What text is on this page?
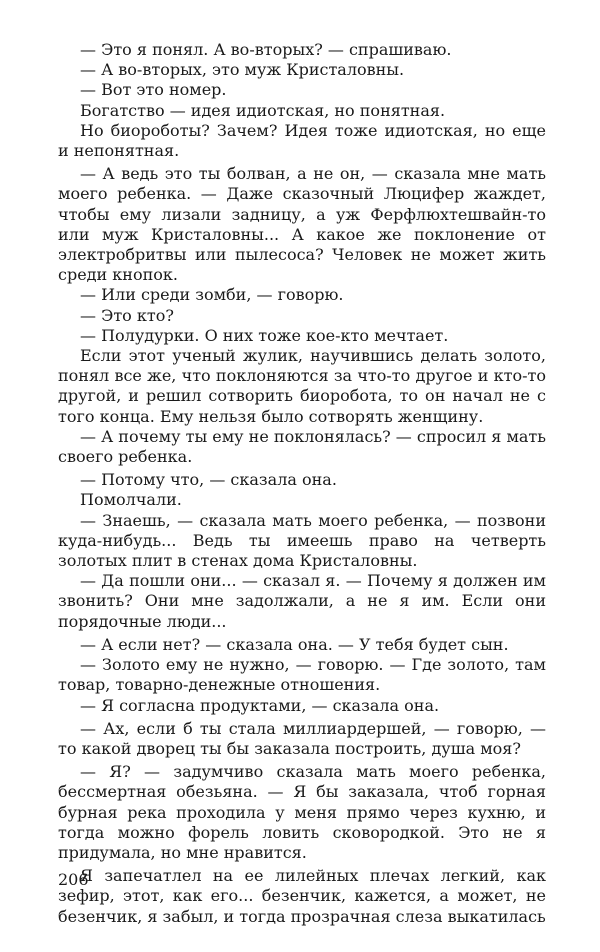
— Это я понял. А во-вторых? — спрашиваю.

— А во-вторых, это муж Кристаловны.

— Вот это номер.

Богатство — идея идиотская, но понятная.

Но биороботы? Зачем? Идея тоже идиотская, но еще и непонятная.

— А ведь это ты болван, а не он, — сказала мне мать моего ребенка. — Даже сказочный Люцифер жаждет, чтобы ему лизали задницу, а уж Ферфлюхтешвайн-то или муж Кристаловны... А какое же поклонение от электробритвы или пылесоса? Человек не может жить среди кнопок.

— Или среди зомби, — говорю.

— Это кто?

— Полудурки. О них тоже кое-кто мечтает.

Если этот ученый жулик, научившись делать золото, понял все же, что поклоняются за что-то другое и кто-то другой, и решил сотворить биоробота, то он начал не с того конца. Ему нельзя было сотворять женщину.

— А почему ты ему не поклонялась? — спросил я мать своего ребенка.

— Потому что, — сказала она.

Помолчали.

— Знаешь, — сказала мать моего ребенка, — позвони куда-нибудь... Ведь ты имеешь право на четверть золотых плит в стенах дома Кристаловны.

— Да пошли они... — сказал я. — Почему я должен им звонить? Они мне задолжали, а не я им. Если они порядочные люди...

— А если нет? — сказала она. — У тебя будет сын.

— Золото ему не нужно, — говорю. — Где золото, там товар, товарно-денежные отношения.

— Я согласна продуктами, — сказала она.

— Ах, если б ты стала миллиардершей, — говорю, — то какой дворец ты бы заказала построить, душа моя?

— Я? — задумчиво сказала мать моего ребенка, бессмертная обезьяна. — Я бы заказала, чтоб горная бурная река проходила у меня прямо через кухню, и тогда можно форель ловить сковородкой. Это не я придумала, но мне нравится.

Я запечатлел на ее лилейных плечах легкий, как зефир, этот, как его... безенчик, кажется, а может, не безенчик, я забыл, и тогда прозрачная слеза выкатилась

206
